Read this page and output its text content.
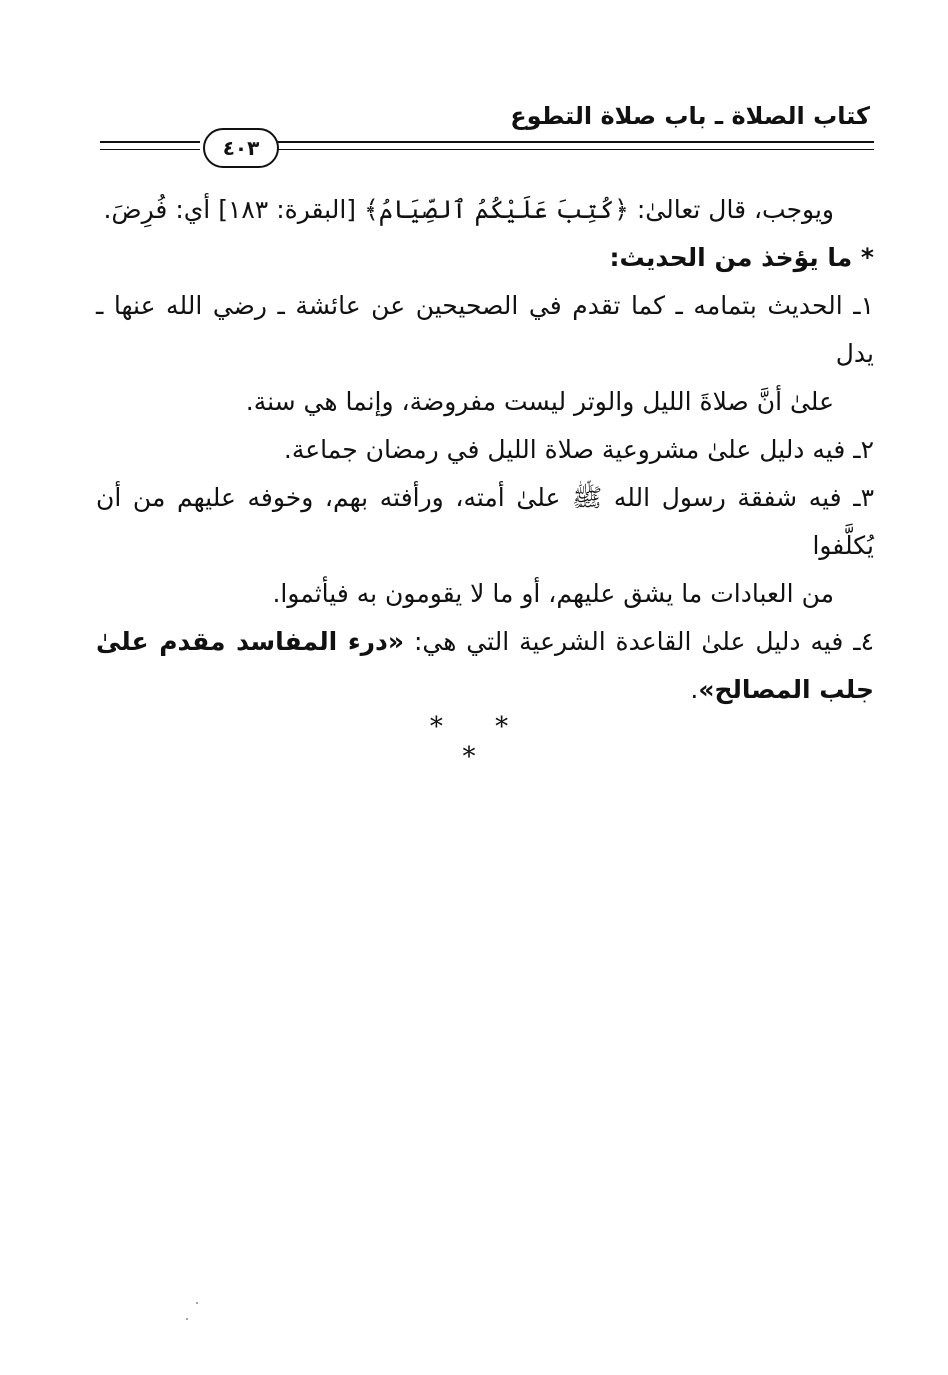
كتاب الصلاة ـ باب صلاة التطوع
٤٠٣

ويوجب، قال تعالىٰ: ﴿كُتِبَ عَلَيْكُمُ ٱلصِّيَامُ﴾ [البقرة: ١٨٣] أي: فُرِضَ.

* ما يؤخذ من الحديث:

١ـ الحديث بتمامه ـ كما تقدم في الصحيحين عن عائشة ـ رضي الله عنها ـ يدل
علىٰ أنَّ صلاةَ الليل والوتر ليست مفروضة، وإنما هي سنة.

٢ـ فيه دليل علىٰ مشروعية صلاة الليل في رمضان جماعة.

٣ـ فيه شفقة رسول الله ﷺ علىٰ أمته، ورأفته بهم، وخوفه عليهم من أن يُكلَّفوا
من العبادات ما يشق عليهم، أو ما لا يقومون به فيأثموا.

٤ـ فيه دليل علىٰ القاعدة الشرعية التي هي: «درء المفاسد مقدم علىٰ جلب المصالح».

* * *
